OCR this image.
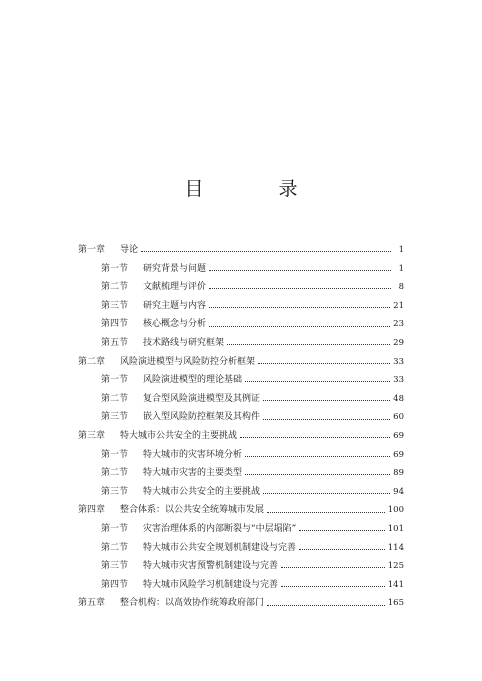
目　录
第一章	导论	1
第一节	研究背景与问题	1
第二节	文献梳理与评价	8
第三节	研究主题与内容	21
第四节	核心概念与分析	23
第五节	技术路线与研究框架	29
第二章	风险演进模型与风险防控分析框架	33
第一节	风险演进模型的理论基础	33
第二节	复合型风险演进模型及其例证	48
第三节	嵌入型风险防控框架及其构件	60
第三章	特大城市公共安全的主要挑战	69
第一节	特大城市的灾害环境分析	69
第二节	特大城市灾害的主要类型	89
第三节	特大城市公共安全的主要挑战	94
第四章	整合体系：以公共安全统筹城市发展	100
第一节	灾害治理体系的内部断裂与“中层塌陷”	101
第二节	特大城市公共安全规划机制建设与完善	114
第三节	特大城市灾害预警机制建设与完善	125
第四节	特大城市风险学习机制建设与完善	141
第五章	整合机构：以高效协作统筹政府部门	165
